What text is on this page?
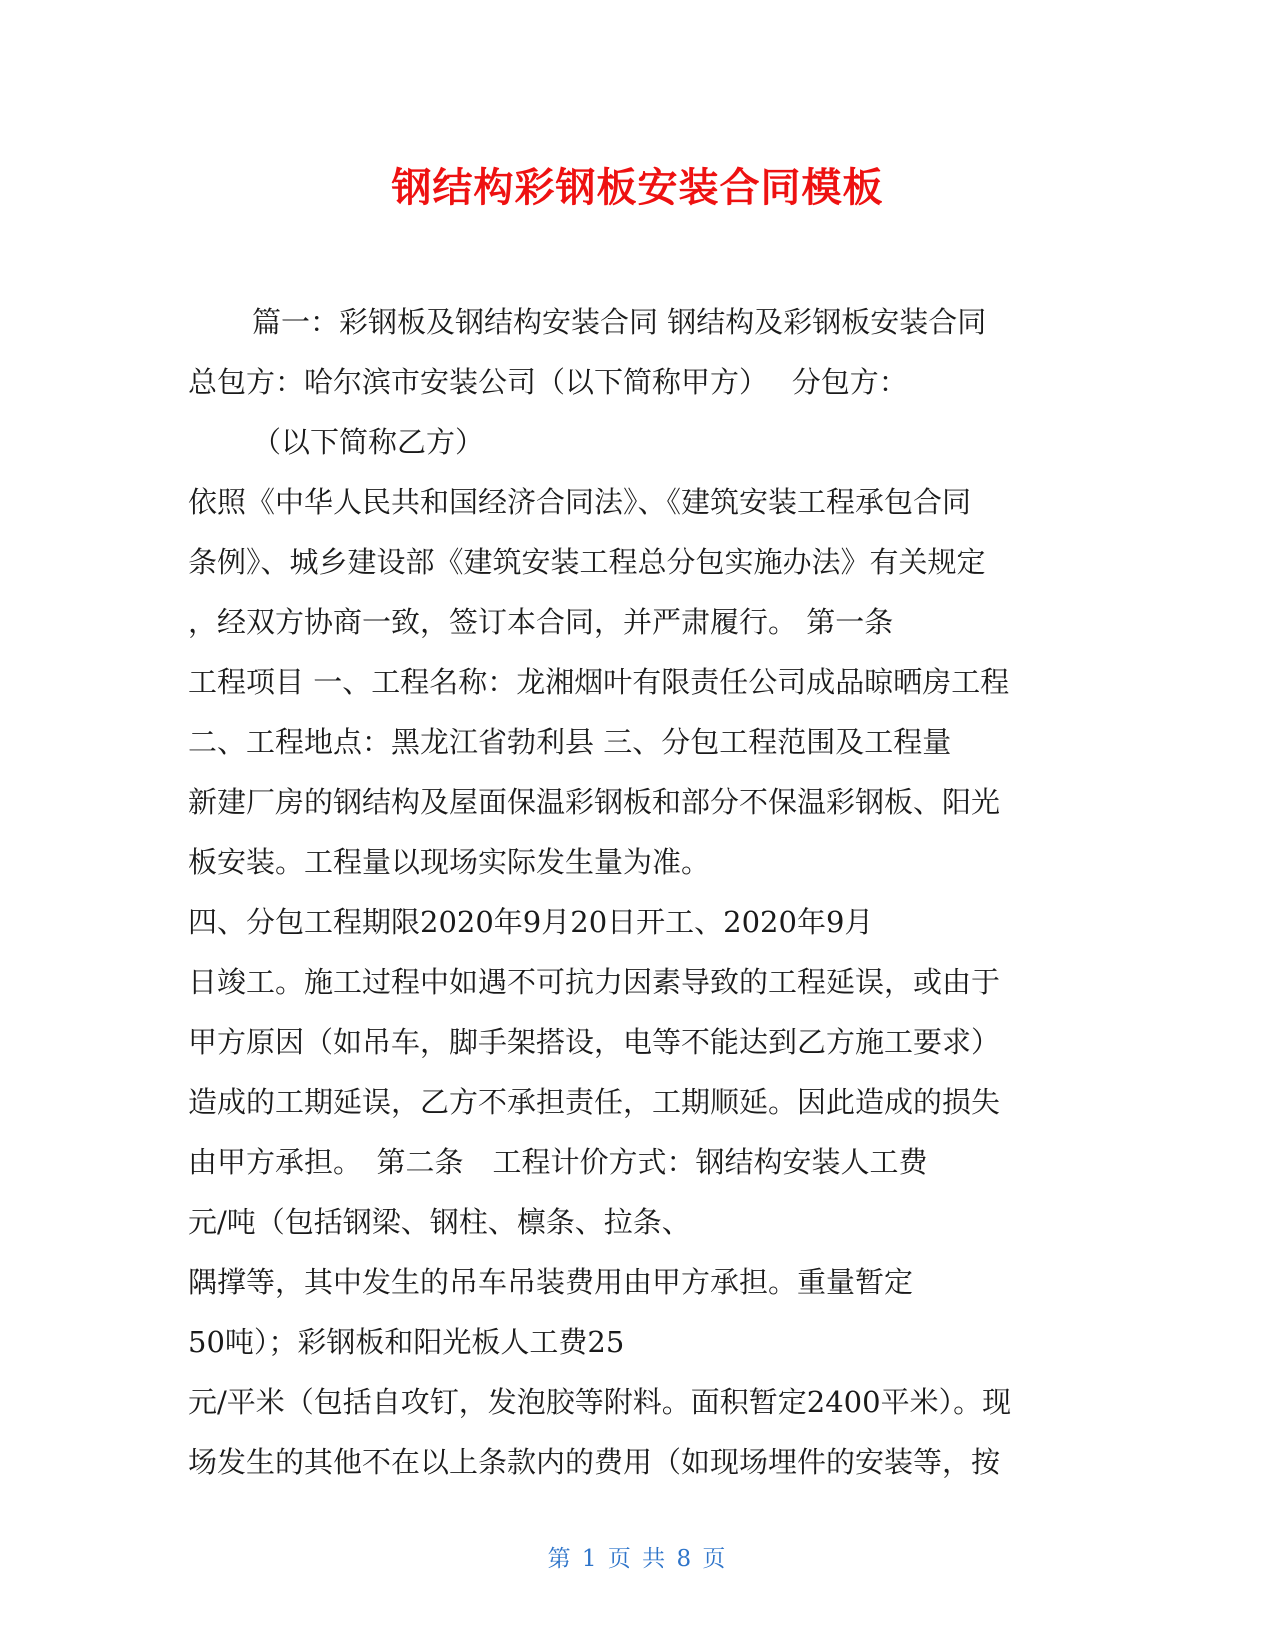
钢结构彩钢板安装合同模板
篇一：彩钢板及钢结构安装合同 钢结构及彩钢板安装合同
总包方：哈尔滨市安装公司（以下简称甲方）　 分包方：
（以下简称乙方）
依照《中华人民共和国经济合同法》、《建筑安装工程承包合同
条例》、城乡建设部《建筑安装工程总分包实施办法》有关规定
，经双方协商一致，签订本合同，并严肃履行。 第一条
工程项目 一、工程名称：龙湘烟叶有限责任公司成品晾晒房工程
二、工程地点：黑龙江省勃利县 三、分包工程范围及工程量
新建厂房的钢结构及屋面保温彩钢板和部分不保温彩钢板、阳光
板安装。工程量以现场实际发生量为准。
四、分包工程期限2020年9月20日开工、2020年9月
日竣工。施工过程中如遇不可抗力因素导致的工程延误，或由于
甲方原因（如吊车，脚手架搭设，电等不能达到乙方施工要求）
造成的工期延误，乙方不承担责任，工期顺延。因此造成的损失
由甲方承担。　第二条　工程计价方式：钢结构安装人工费
元/吨（包括钢梁、钢柱、檩条、拉条、
隅撑等，其中发生的吊车吊装费用由甲方承担。重量暂定
50吨）；彩钢板和阳光板人工费25
元/平米（包括自攻钉，发泡胶等附料。面积暂定2400平米）。现
场发生的其他不在以上条款内的费用（如现场埋件的安装等，按
第 1 页 共 8 页
